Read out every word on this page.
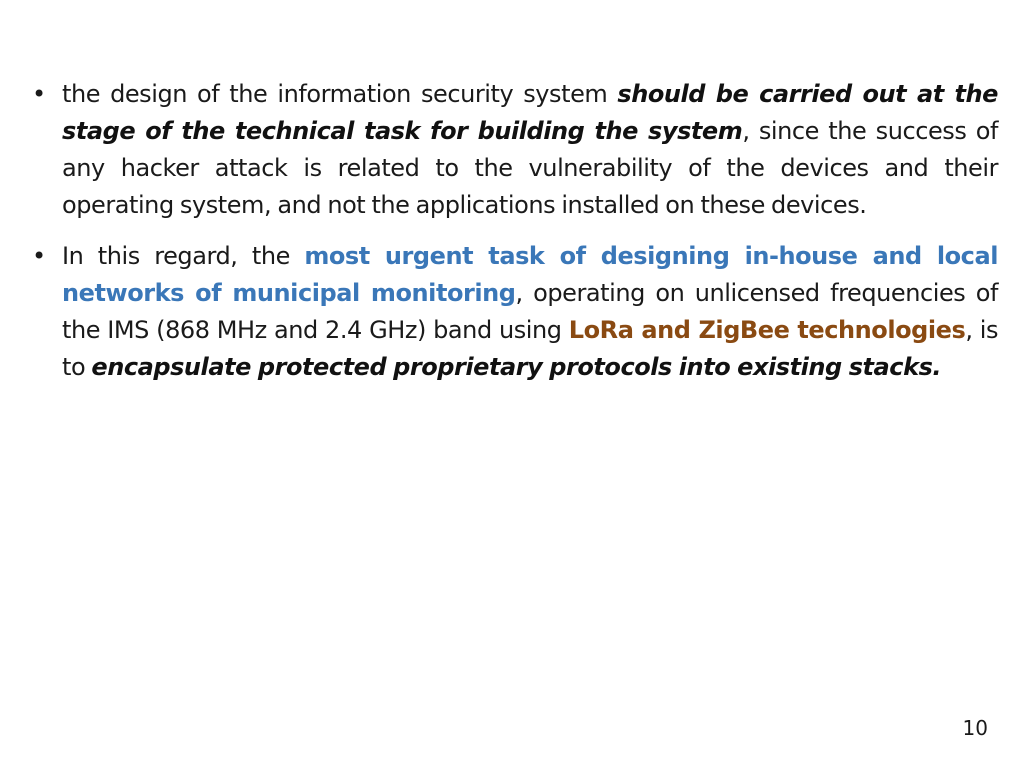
• the design of the information security system should be carried out at the stage of the technical task for building the system, since the success of any hacker attack is related to the vulnerability of the devices and their operating system, and not the applications installed on these devices.
• In this regard, the most urgent task of designing in-house and local networks of municipal monitoring, operating on unlicensed frequencies of the IMS (868 MHz and 2.4 GHz) band using LoRa and ZigBee technologies, is to encapsulate protected proprietary protocols into existing stacks.
10
